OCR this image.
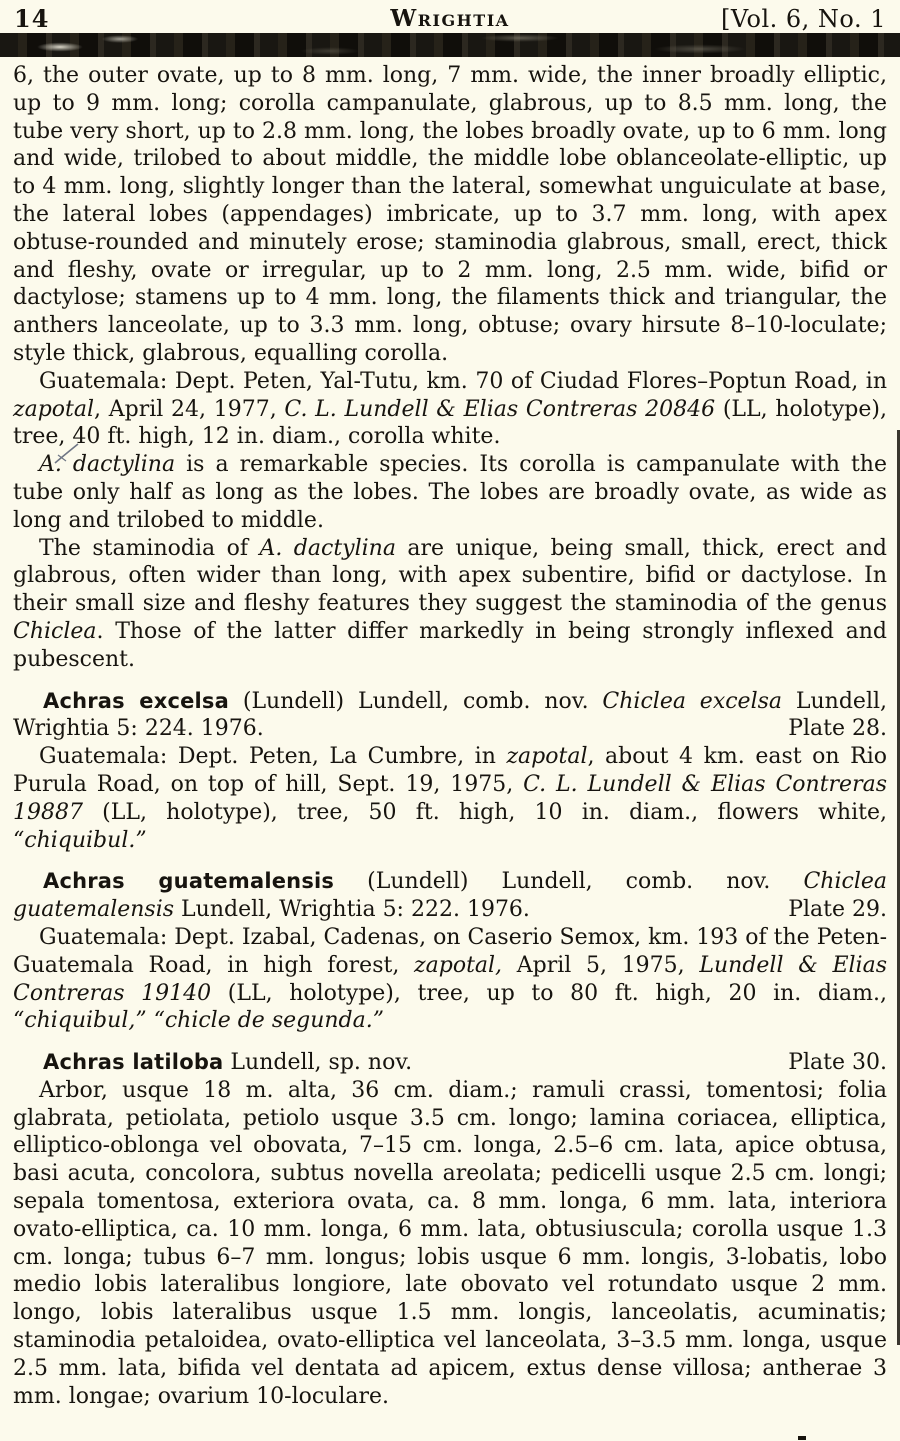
14	Wrightia	[Vol. 6, No. 1

6, the outer ovate, up to 8 mm. long, 7 mm. wide, the inner broadly elliptic, up to 9 mm. long; corolla campanulate, glabrous, up to 8.5 mm. long, the tube very short, up to 2.8 mm. long, the lobes broadly ovate, up to 6 mm. long and wide, trilobed to about middle, the middle lobe oblanceolate-elliptic, up to 4 mm. long, slightly longer than the lateral, somewhat unguiculate at base, the lateral lobes (appendages) imbricate, up to 3.7 mm. long, with apex obtuse-rounded and minutely erose; staminodia glabrous, small, erect, thick and fleshy, ovate or irregular, up to 2 mm. long, 2.5 mm. wide, bifid or dactylose; stamens up to 4 mm. long, the filaments thick and triangular, the anthers lanceolate, up to 3.3 mm. long, obtuse; ovary hirsute 8–10-loculate; style thick, glabrous, equalling corolla.

Guatemala: Dept. Peten, Yal-Tutu, km. 70 of Ciudad Flores–Poptun Road, in zapotal, April 24, 1977, C. L. Lundell & Elias Contreras 20846 (LL, holotype), tree, 40 ft. high, 12 in. diam., corolla white.

A. dactylina is a remarkable species. Its corolla is campanulate with the tube only half as long as the lobes. The lobes are broadly ovate, as wide as long and trilobed to middle.

The staminodia of A. dactylina are unique, being small, thick, erect and glabrous, often wider than long, with apex subentire, bifid or dactylose. In their small size and fleshy features they suggest the staminodia of the genus Chiclea. Those of the latter differ markedly in being strongly inflexed and pubescent.

Achras excelsa (Lundell) Lundell, comb. nov. Chiclea excelsa Lundell, Wrightia 5: 224. 1976.	Plate 28.

Guatemala: Dept. Peten, La Cumbre, in zapotal, about 4 km. east on Rio Purula Road, on top of hill, Sept. 19, 1975, C. L. Lundell & Elias Contreras 19887 (LL, holotype), tree, 50 ft. high, 10 in. diam., flowers white, “chiquibul.”

Achras guatemalensis (Lundell) Lundell, comb. nov. Chiclea guatemalensis Lundell, Wrightia 5: 222. 1976.	Plate 29.

Guatemala: Dept. Izabal, Cadenas, on Caserio Semox, km. 193 of the Peten-Guatemala Road, in high forest, zapotal, April 5, 1975, Lundell & Elias Contreras 19140 (LL, holotype), tree, up to 80 ft. high, 20 in. diam., “chiquibul,” “chicle de segunda.”

Achras latiloba Lundell, sp. nov.	Plate 30.

Arbor, usque 18 m. alta, 36 cm. diam.; ramuli crassi, tomentosi; folia glabrata, petiolata, petiolo usque 3.5 cm. longo; lamina coriacea, elliptica, elliptico-oblonga vel obovata, 7–15 cm. longa, 2.5–6 cm. lata, apice obtusa, basi acuta, concolora, subtus novella areolata; pedicelli usque 2.5 cm. longi; sepala tomentosa, exteriora ovata, ca. 8 mm. longa, 6 mm. lata, interiora ovato-elliptica, ca. 10 mm. longa, 6 mm. lata, obtusiuscula; corolla usque 1.3 cm. longa; tubus 6–7 mm. longus; lobis usque 6 mm. longis, 3-lobatis, lobo medio lobis lateralibus longiore, late obovato vel rotundato usque 2 mm. longo, lobis lateralibus usque 1.5 mm. longis, lanceolatis, acuminatis; staminodia petaloidea, ovato-elliptica vel lanceolata, 3–3.5 mm. longa, usque 2.5 mm. lata, bifida vel dentata ad apicem, extus dense villosa; antherae 3 mm. longae; ovarium 10-loculare.
